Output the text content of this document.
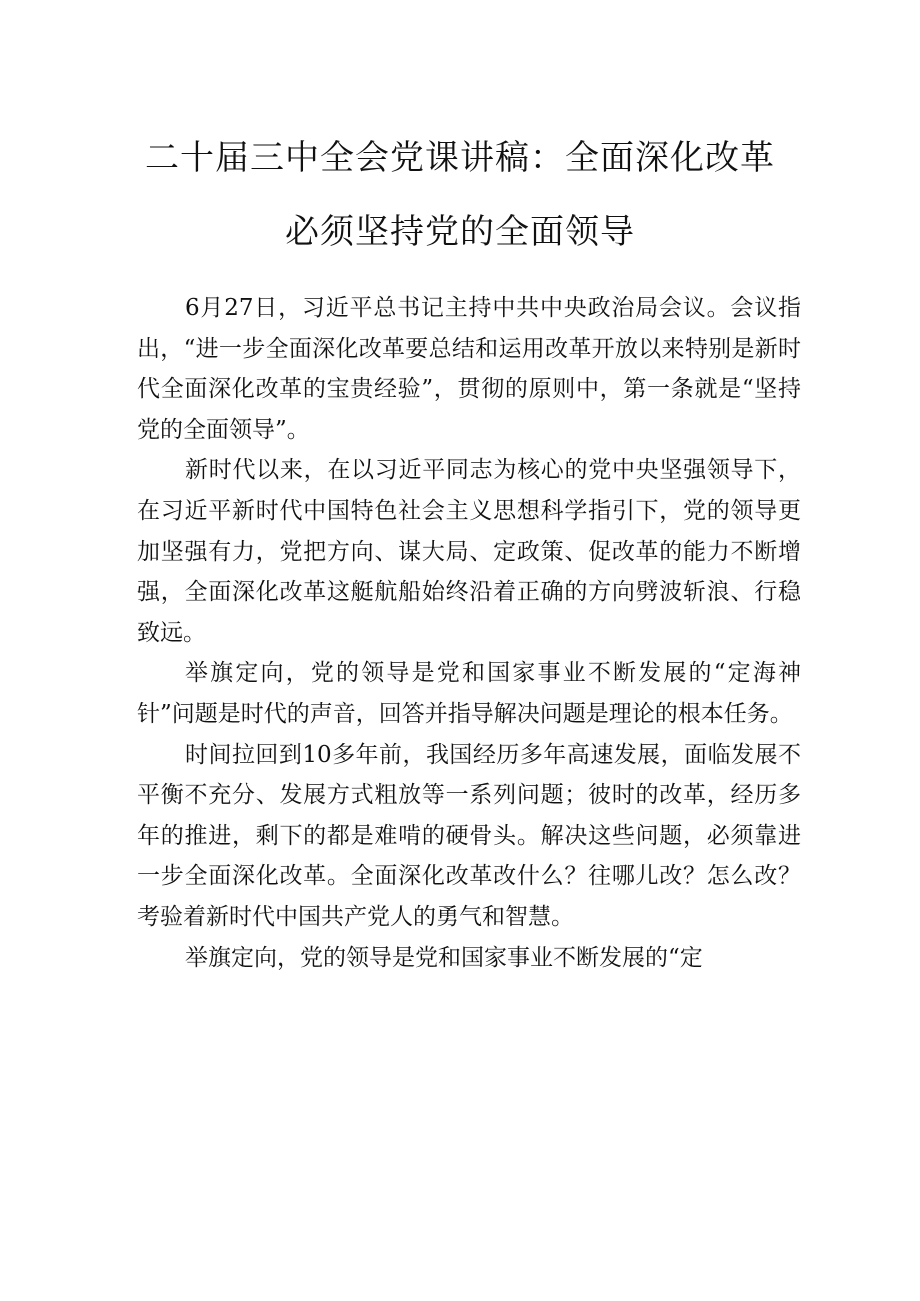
二十届三中全会党课讲稿：全面深化改革
必须坚持党的全面领导

6月27日，习近平总书记主持中共中央政治局会议。会议指出，“进一步全面深化改革要总结和运用改革开放以来特别是新时代全面深化改革的宝贵经验”，贯彻的原则中，第一条就是“坚持党的全面领导”。

新时代以来，在以习近平同志为核心的党中央坚强领导下，在习近平新时代中国特色社会主义思想科学指引下，党的领导更加坚强有力，党把方向、谋大局、定政策、促改革的能力不断增强，全面深化改革这艇航船始终沿着正确的方向劈波斩浪、行稳致远。

举旗定向，党的领导是党和国家事业不断发展的“定海神针”问题是时代的声音，回答并指导解决问题是理论的根本任务。

时间拉回到10多年前，我国经历多年高速发展，面临发展不平衡不充分、发展方式粗放等一系列问题；彼时的改革，经历多年的推进，剩下的都是难啃的硬骨头。解决这些问题，必须靠进一步全面深化改革。全面深化改革改什么？往哪儿改？怎么改？考验着新时代中国共产党人的勇气和智慧。

举旗定向，党的领导是党和国家事业不断发展的“定
